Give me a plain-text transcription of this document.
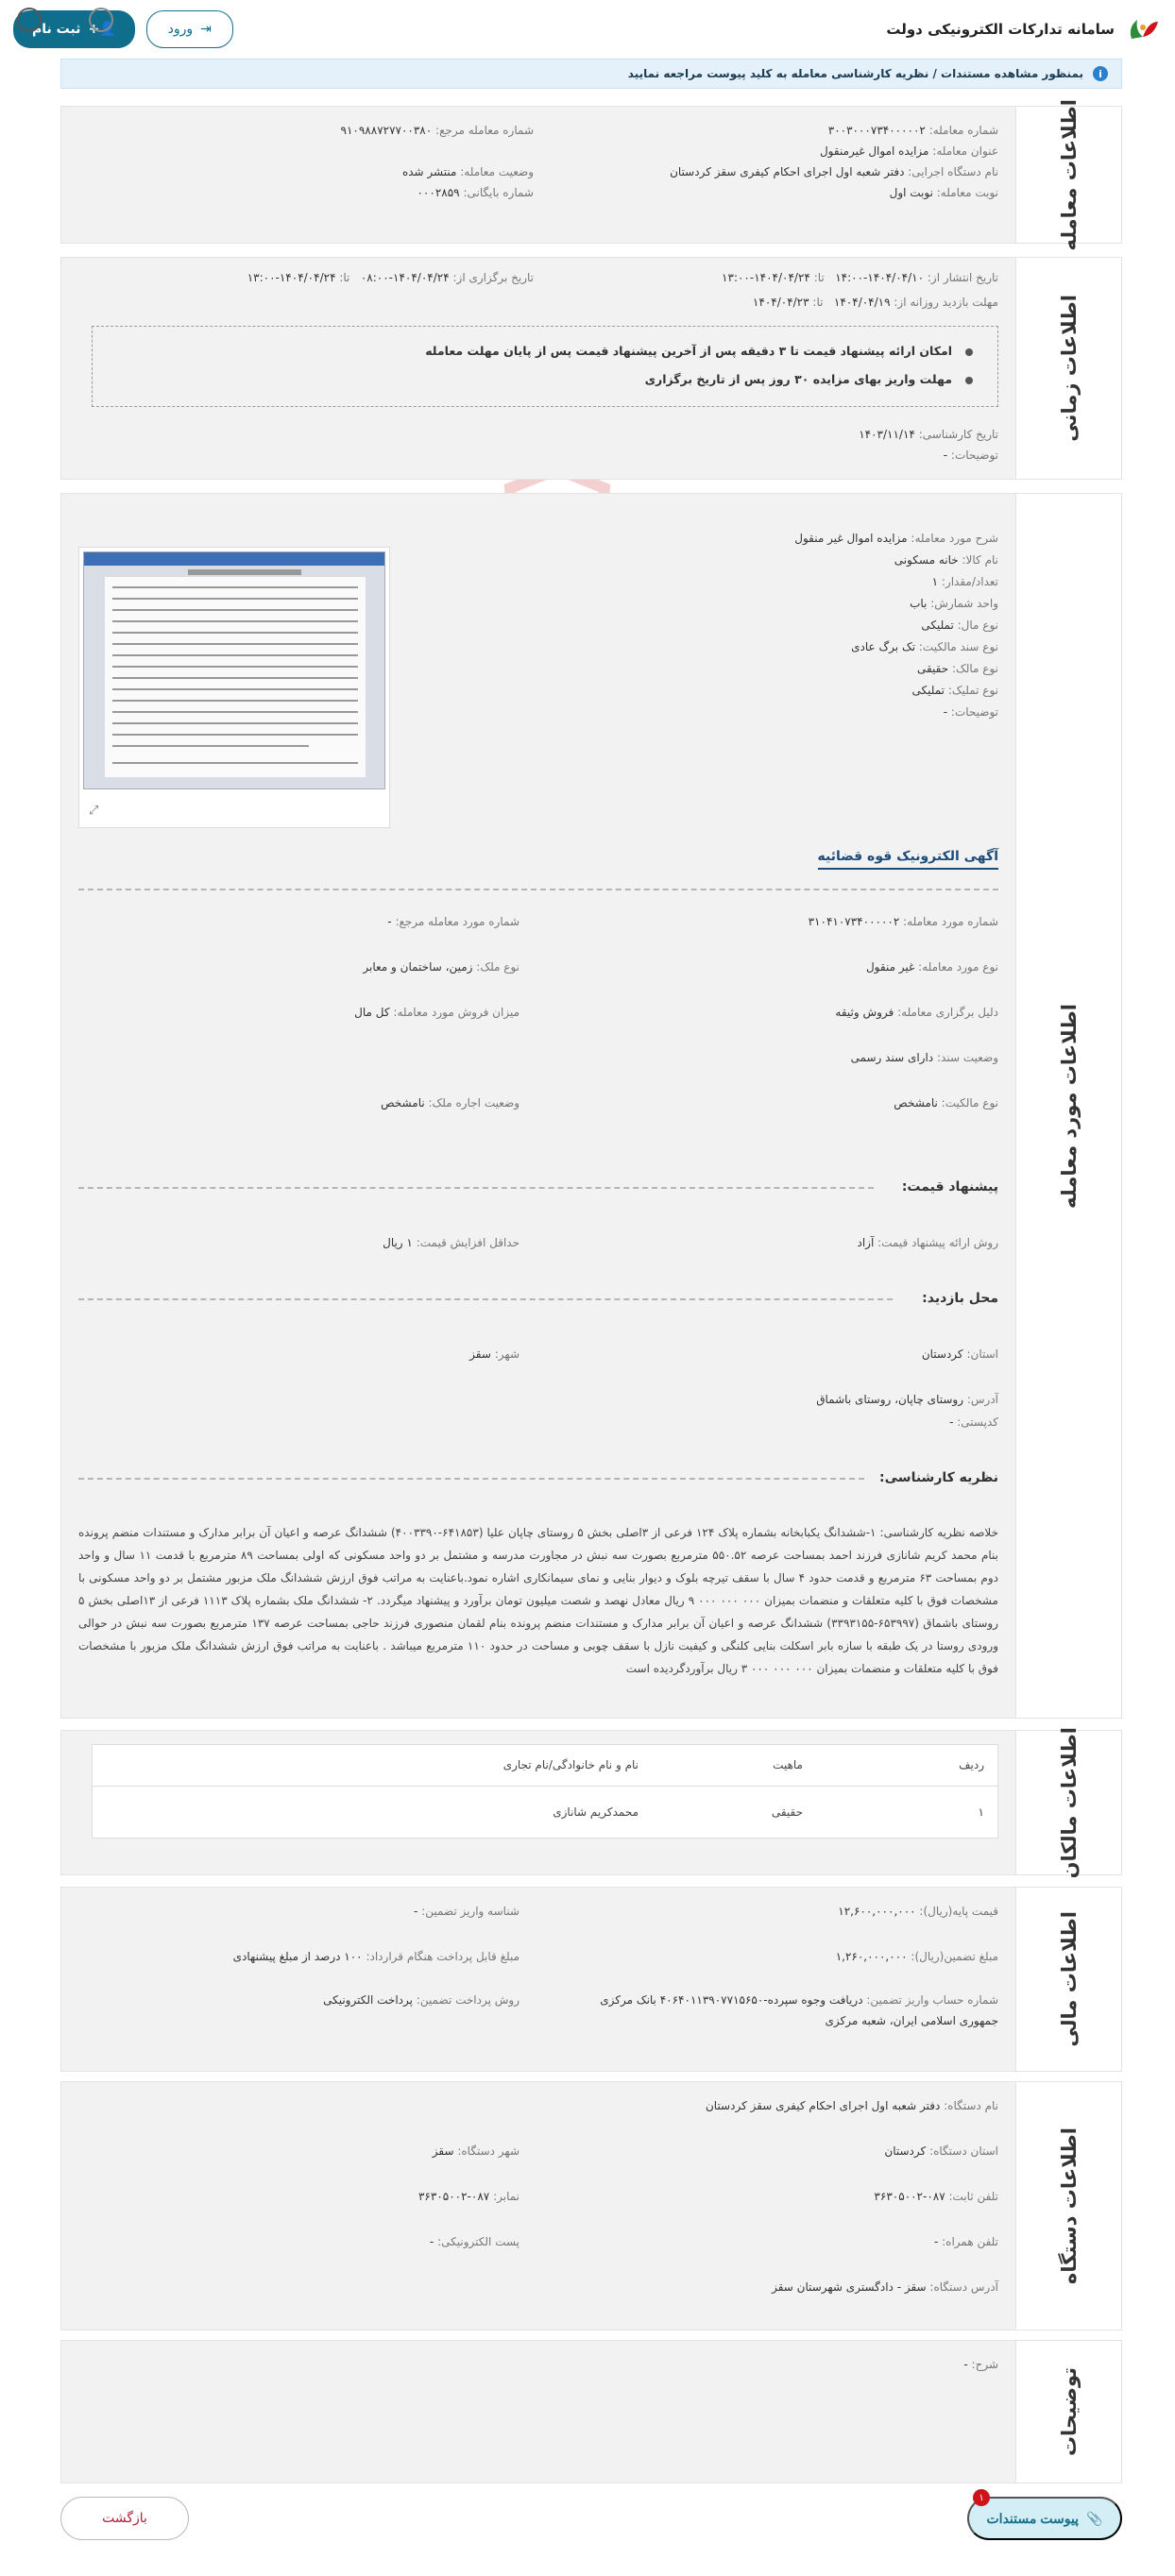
سامانه تداركات الكترونيكی دولت
⇥
ورود
👤+
ثبت نام
i
بمنظور مشاهده مستندات / نظریه کارشناسی معامله به کلید پیوست مراجعه نمایید
اطلاعات معامله
شماره معامله: ۳۰۰۳۰۰۰۷۳۴۰۰۰۰۰۲
شماره معامله مرجع: ۹۱۰۹۸۸۷۲۷۷۰۰۳۸۰
عنوان معامله: مزایده اموال غیرمنقول
نام دستگاه اجرایی: دفتر شعبه اول اجرای احکام کیفری سقز کردستان
وضعیت معامله: منتشر شده
نوبت معامله: نوبت اول
شماره بایگانی: ۰۰۰۲۸۵۹
اطلاعات زمانی
تاریخ انتشار از: ۱۴۰۴/۰۴/۱۰-۱۴:۰۰   تا: ۱۴۰۴/۰۴/۲۴-۱۳:۰۰
تاریخ برگزاری از: ۱۴۰۴/۰۴/۲۴-۰۸:۰۰   تا: ۱۴۰۴/۰۴/۲۴-۱۳:۰۰
مهلت بازدید روزانه از: ۱۴۰۴/۰۴/۱۹   تا: ۱۴۰۴/۰۴/۲۳
امکان ارائه پیشنهاد قیمت تا ۳ دقیقه پس از آخرین پیشنهاد قیمت پس از پایان مهلت معامله
مهلت واریز بهای مزایده ۳۰ روز پس از تاریخ برگزاری
تاریخ کارشناسی: ۱۴۰۳/۱۱/۱۴
توضیحات: -
اطلاعات مورد معامله
شرح مورد معامله: مزایده اموال غیر منقول
نام کالا: خانه مسکونی
تعداد/مقدار: ۱
واحد شمارش: باب
نوع مال: تملیکی
نوع سند مالکیت: تک برگ عادی
نوع مالک: حقیقی
نوع تملیک: تملیکی
توضیحات: -
⤢
آگهی الکترونیک قوه قضائیه
شماره مورد معامله: ۳۱۰۴۱۰۷۳۴۰۰۰۰۰۲
شماره مورد معامله مرجع: -
نوع مورد معامله: غیر منقول
نوع ملک: زمین، ساختمان و معابر
دلیل برگزاری معامله: فروش وثیقه
میزان فروش مورد معامله: کل مال
وضعیت سند: دارای سند رسمی
نوع مالکیت: نامشخص
وضعیت اجاره ملک: نامشخص
پیشنهاد قیمت:
روش ارائه پیشنهاد قیمت: آزاد
حداقل افزایش قیمت: ۱ ریال
محل بازدید:
استان: کردستان
شهر: سقز
آدرس: روستای چاپان، روستای باشماق
کدپستی: -
نظریه کارشناسی:
خلاصه نظریه کارشناسی: ۱-ششدانگ یکبابخانه بشماره پلاک ۱۲۴ فرعی از ۳اصلی بخش ۵ روستای چاپان علیا (۶۴۱۸۵۳-۴۰۰۳۳۹۰) ششدانگ عرصه و اعیان آن برابر مدارک و مستندات منضم پرونده بنام محمد کریم شانازی فرزند احمد بمساحت عرصه ۵۵۰.۵۲ مترمربع بصورت سه نبش در مجاورت مدرسه و مشتمل بر دو واحد مسکونی که اولی بمساحت ۸۹ مترمربع با قدمت ۱۱ سال و واحد دوم بمساحت ۶۳ مترمربع و قدمت حدود ۴ سال با سقف تیرچه بلوک و دیوار بنایی و نمای سیمانکاری اشاره نمود.باعنایت به مراتب فوق ارزش ششدانگ ملک مزبور مشتمل بر دو واحد مسکونی با مشخصات فوق با کلیه متعلقات و منضمات بمیزان ۰۰۰ ۰۰۰ ۰۰۰ ۹ ریال معادل نهصد و شصت میلیون تومان برآورد و پیشنهاد میگردد. ۲- ششدانگ ملک بشماره پلاک ۱۱۱۳ فرعی از ۱۳اصلی بخش ۵ روستای باشماق (۶۵۳۹۹۷-۳۳۹۳۱۵۵) ششدانگ عرصه و اعیان آن برابر مدارک و مستندات منضم پرونده بنام لقمان منصوری فرزند حاجی بمساحت عرصه ۱۳۷ مترمربع بصورت سه نبش در حوالی ورودی روستا در یک طبقه با سازه بابر اسکلت بنایی کلنگی و کیفیت نازل با سقف چوبی و مساحت در حدود ۱۱۰ مترمربع میباشد . باعنایت به مراتب فوق ارزش ششدانگ ملک مزبور با مشخصات فوق با کلیه متعلقات و منضمات بمیزان ۰۰۰ ۰۰۰ ۰۰۰ ۳ ریال برآوردگردیده است
اطلاعات مالکان
ردیف
ماهیت
نام و نام خانوادگی/نام تجاری
۱
حقیقی
محمدکریم شانازی
اطلاعات مالی
قیمت پایه(ریال): ۱۲,۶۰۰,۰۰۰,۰۰۰
شناسه واریز تضمین: -
مبلغ تضمین(ریال): ۱,۲۶۰,۰۰۰,۰۰۰
مبلغ قابل پرداخت هنگام قرارداد: ۱۰۰ درصد از مبلغ پیشنهادی
شماره حساب واریز تضمین: دریافت وجوه سپرده-۴۰۶۴۰۱۱۳۹۰۷۷۱۵۶۵۰ بانک مرکزی
جمهوری اسلامی ایران، شعبه مرکزی
روش پرداخت تضمین: پرداخت الکترونیکی
اطلاعات دستگاه
نام دستگاه: دفتر شعبه اول اجرای احکام کیفری سقز کردستان
استان دستگاه: کردستان
شهر دستگاه: سقز
تلفن ثابت: ۰۸۷-۳۶۳۰۵۰۰۲
نمابر: ۰۸۷-۳۶۳۰۵۰۰۲
تلفن همراه: -
پست الکترونیکی: -
آدرس دستگاه: سقز - دادگستری شهرستان سقز
توضیحات
شرح: -
📎
پیوست مستندات
۱
بازگشت
